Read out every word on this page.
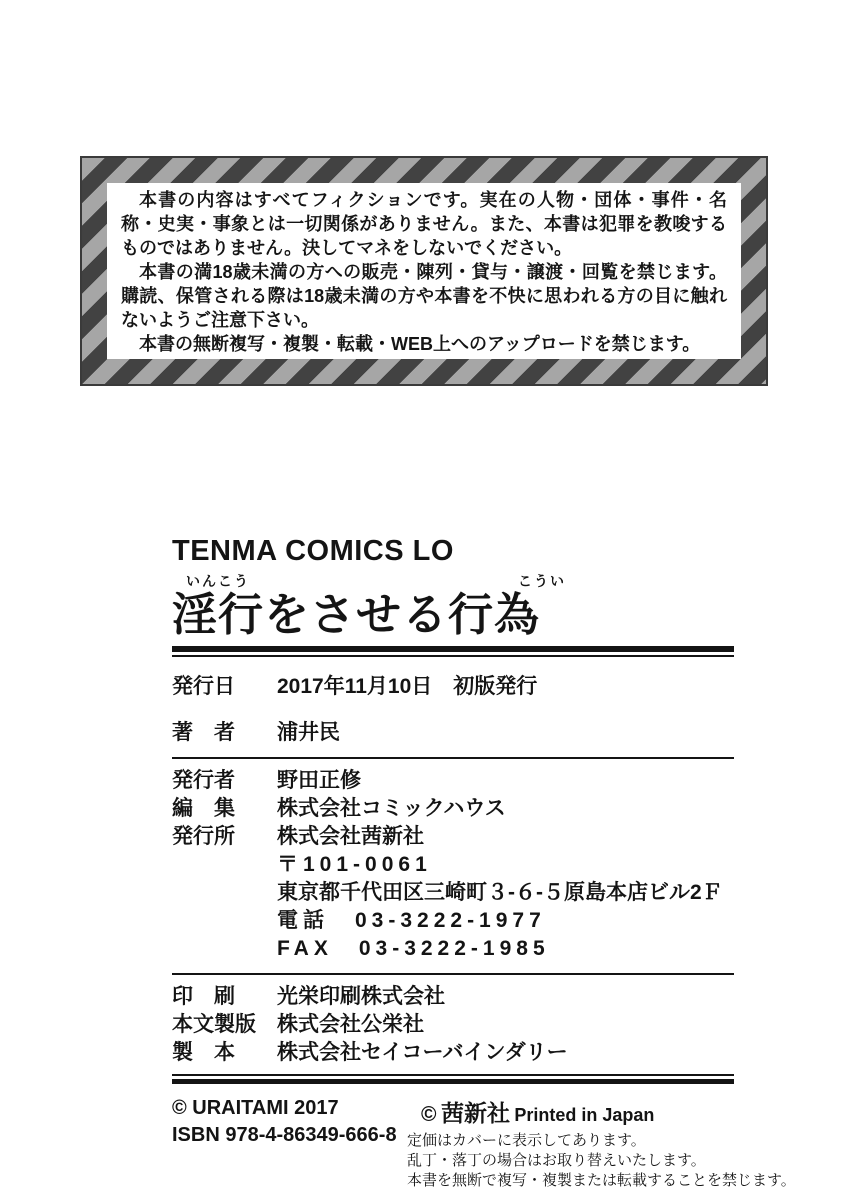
本書の内容はすべてフィクションです。実在の人物・団体・事件・名称・史実・事象とは一切関係がありません。また、本書は犯罪を教唆するものではありません。決してマネをしないでください。

本書の満18歳未満の方への販売・陳列・貸与・譲渡・回覧を禁じます。購読、保管される際は18歳未満の方や本書を不快に思われる方の目に触れないようご注意下さい。

本書の無断複写・複製・転載・WEB上へのアップロードを禁じます。

TENMA COMICS LO
いんこう	こうい
淫行をさせる行為
発行日	2017年11月10日　初版発行
著　者	浦井民
発行者	野田正修
編　集	株式会社コミックハウス
発行所	株式会社茜新社
〒101-0061
東京都千代田区三崎町３-６-５原島本店ビル2Ｆ
電話　03-3222-1977
FAX　03-3222-1985
印　刷	光栄印刷株式会社
本文製版	株式会社公栄社
製　本	株式会社セイコーバインダリー
© URAITAMI 2017
ISBN 978-4-86349-666-8
© 茜新社 Printed in Japan
定価はカバーに表示してあります。
乱丁・落丁の場合はお取り替えいたします。
本書を無断で複写・複製または転載することを禁じます。
